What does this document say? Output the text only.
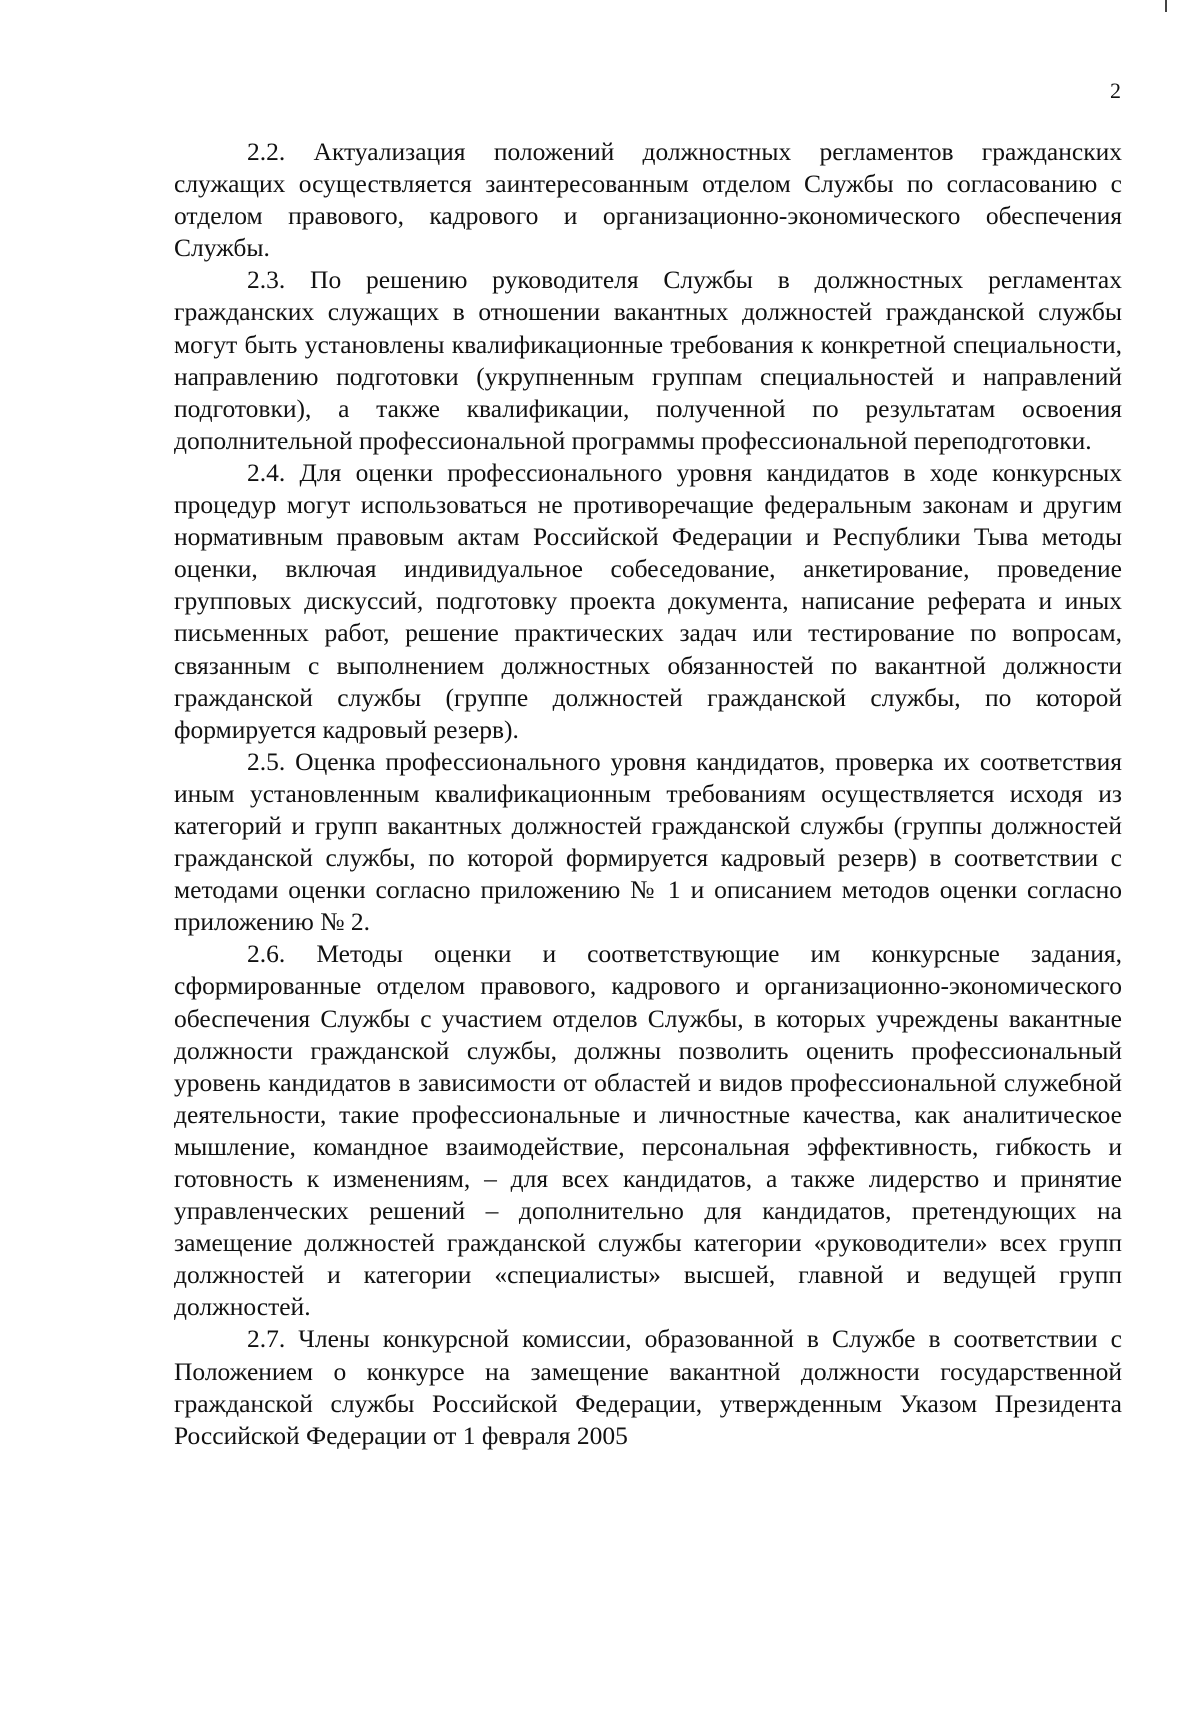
2

2.2. Актуализация положений должностных регламентов гражданских служащих осуществляется заинтересованным отделом Службы по согласованию с отделом правового, кадрового и организационно-экономического обеспечения Службы.

2.3. По решению руководителя Службы в должностных регламентах гражданских служащих в отношении вакантных должностей гражданской службы могут быть установлены квалификационные требования к конкретной специальности, направлению подготовки (укрупненным группам специальностей и направлений подготовки), а также квалификации, полученной по результатам освоения дополнительной профессиональной программы профессиональной переподготовки.

2.4. Для оценки профессионального уровня кандидатов в ходе конкурсных процедур могут использоваться не противоречащие федеральным законам и другим нормативным правовым актам Российской Федерации и Республики Тыва методы оценки, включая индивидуальное собеседование, анкетирование, проведение групповых дискуссий, подготовку проекта документа, написание реферата и иных письменных работ, решение практических задач или тестирование по вопросам, связанным с выполнением должностных обязанностей по вакантной должности гражданской службы (группе должностей гражданской службы, по которой формируется кадровый резерв).

2.5. Оценка профессионального уровня кандидатов, проверка их соответствия иным установленным квалификационным требованиям осуществляется исходя из категорий и групп вакантных должностей гражданской службы (группы должностей гражданской службы, по которой формируется кадровый резерв) в соответствии с методами оценки согласно приложению № 1 и описанием методов оценки согласно приложению № 2.

2.6. Методы оценки и соответствующие им конкурсные задания, сформированные отделом правового, кадрового и организационно-экономического обеспечения Службы с участием отделов Службы, в которых учреждены вакантные должности гражданской службы, должны позволить оценить профессиональный уровень кандидатов в зависимости от областей и видов профессиональной служебной деятельности, такие профессиональные и личностные качества, как аналитическое мышление, командное взаимодействие, персональная эффективность, гибкость и готовность к изменениям, – для всех кандидатов, а также лидерство и принятие управленческих решений – дополнительно для кандидатов, претендующих на замещение должностей гражданской службы категории «руководители» всех групп должностей и категории «специалисты» высшей, главной и ведущей групп должностей.

2.7. Члены конкурсной комиссии, образованной в Службе в соответствии с Положением о конкурсе на замещение вакантной должности государственной гражданской службы Российской Федерации, утвержденным Указом Президента Российской Федерации от 1 февраля 2005
